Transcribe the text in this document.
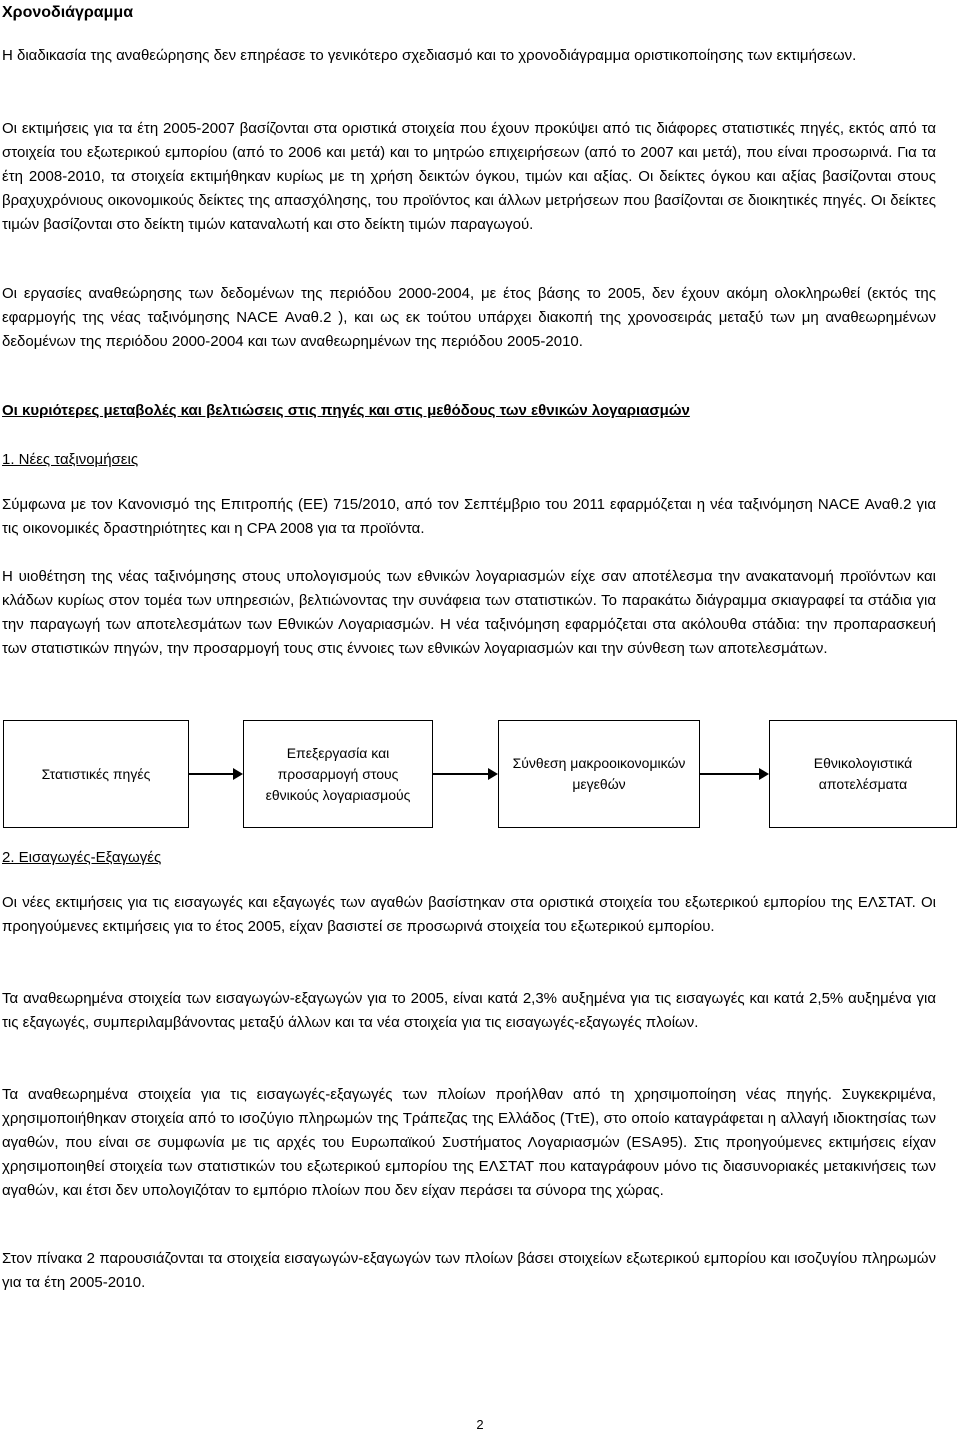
Χρονοδιάγραμμα

Η διαδικασία της αναθεώρησης δεν επηρέασε το γενικότερο σχεδιασμό και το χρονοδιάγραμμα οριστικοποίησης των εκτιμήσεων.

Οι εκτιμήσεις για τα έτη 2005-2007 βασίζονται στα οριστικά στοιχεία που έχουν προκύψει από τις διάφορες στατιστικές πηγές, εκτός από τα στοιχεία του εξωτερικού εμπορίου (από το 2006 και μετά) και το μητρώο επιχειρήσεων (από το 2007 και μετά), που είναι προσωρινά. Για τα έτη 2008-2010, τα στοιχεία εκτιμήθηκαν κυρίως με τη χρήση δεικτών όγκου, τιμών και αξίας. Οι δείκτες όγκου και αξίας βασίζονται στους βραχυχρόνιους οικονομικούς δείκτες της απασχόλησης, του προϊόντος και άλλων μετρήσεων που βασίζονται σε διοικητικές πηγές. Οι δείκτες τιμών βασίζονται στο δείκτη τιμών καταναλωτή και στο δείκτη τιμών παραγωγού.

Οι εργασίες αναθεώρησης των δεδομένων της περιόδου 2000-2004, με έτος βάσης το 2005, δεν έχουν ακόμη ολοκληρωθεί (εκτός της εφαρμογής της νέας ταξινόμησης NACE Αναθ.2 ), και ως εκ τούτου υπάρχει διακοπή της χρονοσειράς μεταξύ των μη αναθεωρημένων δεδομένων της περιόδου 2000-2004 και των αναθεωρημένων της περιόδου 2005-2010.

Οι κυριότερες μεταβολές και βελτιώσεις στις πηγές και στις μεθόδους των εθνικών λογαριασμών

1. Νέες ταξινομήσεις

Σύμφωνα με τον Κανονισμό της Επιτροπής (ΕΕ) 715/2010, από τον Σεπτέμβριο του 2011 εφαρμόζεται η νέα ταξινόμηση NACE Αναθ.2 για τις οικονομικές δραστηριότητες και η CPA 2008 για τα προϊόντα.

Η υιοθέτηση της νέας ταξινόμησης στους υπολογισμούς των εθνικών λογαριασμών είχε σαν αποτέλεσμα την ανακατανομή προϊόντων και κλάδων κυρίως στον τομέα των υπηρεσιών, βελτιώνοντας την συνάφεια των στατιστικών. Το παρακάτω διάγραμμα σκιαγραφεί τα στάδια για την παραγωγή των αποτελεσμάτων των Εθνικών Λογαριασμών. Η νέα ταξινόμηση εφαρμόζεται στα ακόλουθα στάδια: την προπαρασκευή των στατιστικών πηγών, την προσαρμογή τους στις έννοιες των εθνικών λογαριασμών και την σύνθεση των αποτελεσμάτων.

Στατιστικές πηγές
Επεξεργασία και προσαρμογή στους εθνικούς λογαριασμούς
Σύνθεση μακροοικονομικών μεγεθών
Εθνικολογιστικά αποτελέσματα

2. Εισαγωγές-Εξαγωγές

Οι νέες εκτιμήσεις για τις εισαγωγές και εξαγωγές των αγαθών βασίστηκαν στα οριστικά στοιχεία του εξωτερικού εμπορίου της ΕΛΣΤΑΤ. Οι προηγούμενες εκτιμήσεις για το έτος 2005, είχαν βασιστεί σε προσωρινά στοιχεία του εξωτερικού εμπορίου.

Τα αναθεωρημένα στοιχεία των εισαγωγών-εξαγωγών για το 2005, είναι κατά 2,3% αυξημένα για τις εισαγωγές και κατά 2,5% αυξημένα για τις εξαγωγές, συμπεριλαμβάνοντας μεταξύ άλλων και τα νέα στοιχεία για τις εισαγωγές-εξαγωγές πλοίων.

Τα αναθεωρημένα στοιχεία για τις εισαγωγές-εξαγωγές των πλοίων προήλθαν από τη χρησιμοποίηση νέας πηγής. Συγκεκριμένα, χρησιμοποιήθηκαν στοιχεία από το ισοζύγιο πληρωμών της Τράπεζας της Ελλάδος (ΤτΕ), στο οποίο καταγράφεται η αλλαγή ιδιοκτησίας των αγαθών, που είναι σε συμφωνία με τις αρχές του Ευρωπαϊκού Συστήματος Λογαριασμών (ESA95). Στις προηγούμενες εκτιμήσεις είχαν χρησιμοποιηθεί στοιχεία των στατιστικών του εξωτερικού εμπορίου της ΕΛΣΤΑΤ που καταγράφουν μόνο τις διασυνοριακές μετακινήσεις των αγαθών, και έτσι δεν υπολογιζόταν το εμπόριο πλοίων που δεν είχαν περάσει τα σύνορα της χώρας.

Στον πίνακα 2 παρουσιάζονται τα στοιχεία εισαγωγών-εξαγωγών των πλοίων βάσει στοιχείων εξωτερικού εμπορίου και ισοζυγίου πληρωμών για τα έτη 2005-2010.

2
